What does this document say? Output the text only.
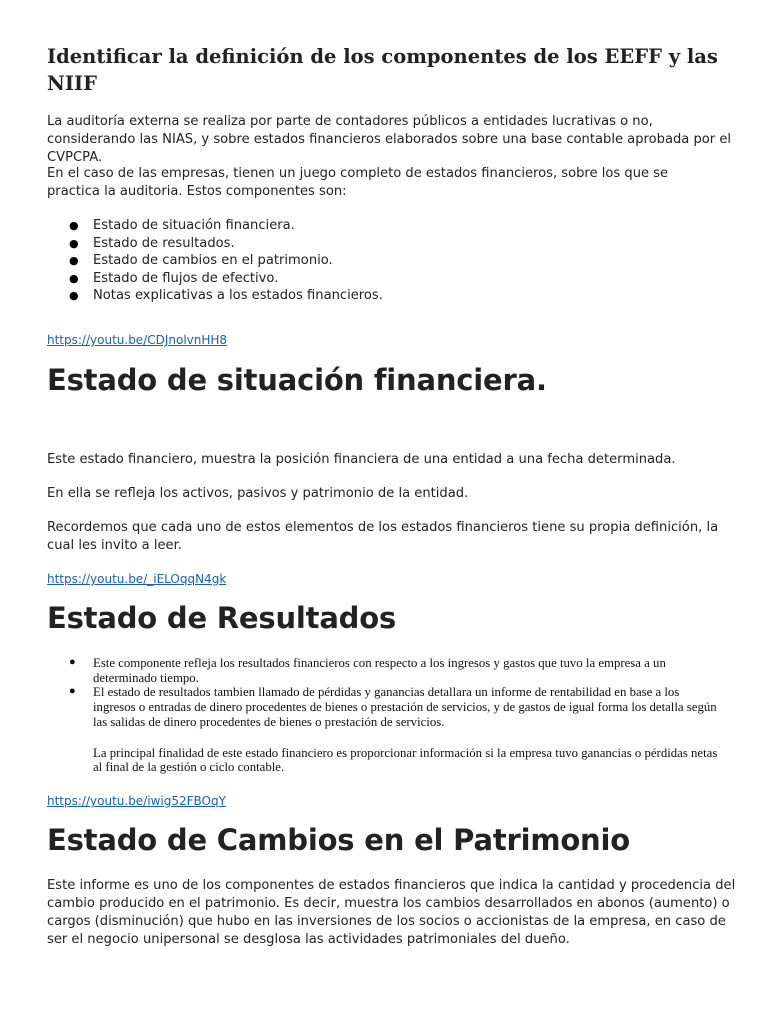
Identificar la definición de los componentes de los EEFF y las NIIF

La auditoría externa se realiza por parte de contadores públicos a entidades lucrativas o no, considerando las NIAS, y sobre estados financieros elaborados sobre una base contable aprobada por el CVPCPA.

En el caso de las empresas, tienen un juego completo de estados financieros, sobre los que se practica la auditoria. Estos componentes son:

● Estado de situación financiera.
● Estado de resultados.
● Estado de cambios en el patrimonio.
● Estado de flujos de efectivo.
● Notas explicativas a los estados financieros.
https://youtu.be/CDJnolvnHH8
Estado de situación financiera.

Este estado financiero, muestra la posición financiera de una entidad a una fecha determinada.

En ella se refleja los activos, pasivos y patrimonio de la entidad.

Recordemos que cada uno de estos elementos de los estados financieros tiene su propia definición, la cual les invito a leer.

https://youtu.be/_iELOqqN4gk
Estado de Resultados
● Este componente refleja los resultados financieros con respecto a los ingresos y gastos que tuvo la empresa a un determinado tiempo.
● El estado de resultados tambien llamado de pérdidas y ganancias detallara un informe de rentabilidad en base a los ingresos o entradas de dinero procedentes de bienes o prestación de servicios, y de gastos de igual forma los detalla según las salidas de dinero procedentes de bienes o prestación de servicios.
La principal finalidad de este estado financiero es proporcionar información si la empresa tuvo ganancias o pérdidas netas al final de la gestión o ciclo contable.
https://youtu.be/iwig52FBOqY
Estado de Cambios en el Patrimonio

Este informe es uno de los componentes de estados financieros que indica la cantidad y procedencia del cambio producido en el patrimonio. Es decir, muestra los cambios desarrollados en abonos (aumento) o cargos (disminución) que hubo en las inversiones de los socios o accionistas de la empresa, en caso de ser el negocio unipersonal se desglosa las actividades patrimoniales del dueño.
